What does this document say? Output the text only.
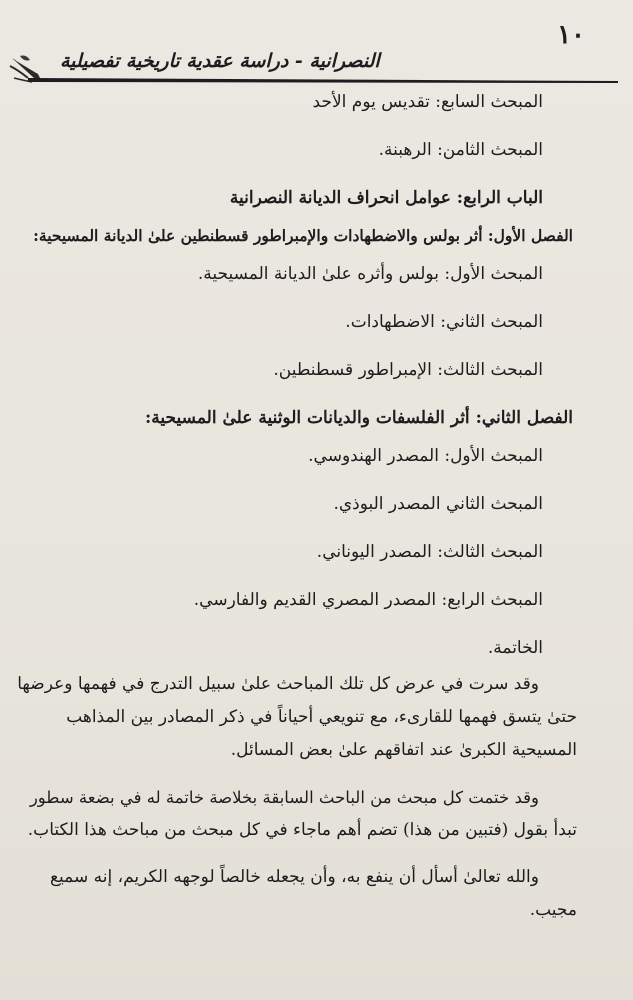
١٠
النصرانية - دراسة عقدية تاريخية تفصيلية
المبحث السابع: تقديس يوم الأحد
المبحث الثامن: الرهبنة.
الباب الرابع: عوامل انحراف الديانة النصرانية
الفصل الأول: أثر بولس والاضطهادات والإمبراطور قسطنطين علىٰ الديانة المسيحية:
المبحث الأول: بولس وأثره علىٰ الديانة المسيحية.
المبحث الثاني: الاضطهادات.
المبحث الثالث: الإمبراطور قسطنطين.
الفصل الثاني: أثر الفلسفات والديانات الوثنية علىٰ المسيحية:
المبحث الأول: المصدر الهندوسي.
المبحث الثاني المصدر البوذي.
المبحث الثالث: المصدر اليوناني.
المبحث الرابع: المصدر المصري القديم والفارسي.
الخاتمة.
وقد سرت في عرض كل تلك المباحث علىٰ سبيل التدرج في فهمها وعرضها
حتىٰ يتسق فهمها للقارىء، مع تنويعي أحياناً في ذكر المصادر بين المذاهب
المسيحية الكبرىٰ عند اتفاقهم علىٰ بعض المسائل.
وقد ختمت كل مبحث من الباحث السابقة بخلاصة خاتمة له في بضعة سطور
تبدأ بقول (فتبين من هذا) تضم أهم ماجاء في كل مبحث من مباحث هذا الكتاب.
والله تعالىٰ أسأل أن ينفع به، وأن يجعله خالصاً لوجهه الكريم، إنه سميع
مجيب.
